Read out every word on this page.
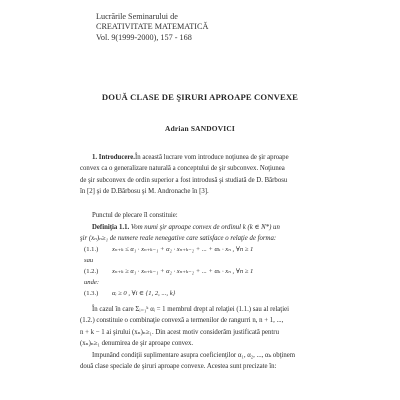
Lucrările Seminarului de
CREATIVITATE MATEMATICĂ
Vol. 9(1999-2000), 157 - 168
DOUĂ CLASE DE ŞIRURI APROAPE CONVEXE
Adrian SANDOVICI
1. Introducere.În această lucrare vom introduce noţiunea de şir aproape
convex ca o generalizare naturală a conceptului de şir subconvex. Noţiunea
de şir subconvex de ordin superior a fost introdusă şi studiată de D. Bărbosu
în [2] şi de D.Bărbosu şi M. Andronache în [3].
Punctul de plecare îl constituie:
Definiţia 1.1. Vom numi şir aproape convex de ordinul k (k ∈ N*) un
şir (xₙ)ₙ≥₁ de numere reale nenegative care satisface o relaţie de forma:
(1.1.) xₙ₊ₖ ≤ α₁ · xₙ₊ₖ₋₁ + α₂ · xₙ₊ₖ₋₂ + ... + αₖ · xₙ , ∀n ≥ 1
sau
(1.2.) xₙ₊ₖ ≥ α₁ · xₙ₊ₖ₋₁ + α₂ · xₙ₊ₖ₋₂ + ... + αₖ · xₙ , ∀n ≥ 1
unde:
(1.3.) αᵢ ≥ 0 , ∀i ∈ {1, 2, ..., k}
În cazul în care Σᵢ₌₁ᵏ αᵢ = 1 membrul drept al relaţiei (1.1.) sau al relaţiei
(1.2.) constituie o combinaţie convexă a termenilor de rangurri n, n + 1, ...,
n + k − 1 ai şirului (xₙ)ₙ≥₁. Din acest motiv considerăm justificată pentru
(xₙ)ₙ≥₁ denumirea de şir aproape convex.
Impunând condiţii suplimentare asupra coeficienţilor α₁, α₂, ..., αₖ obţinem
două clase speciale de şiruri aproape convexe. Acestea sunt precizate în:
